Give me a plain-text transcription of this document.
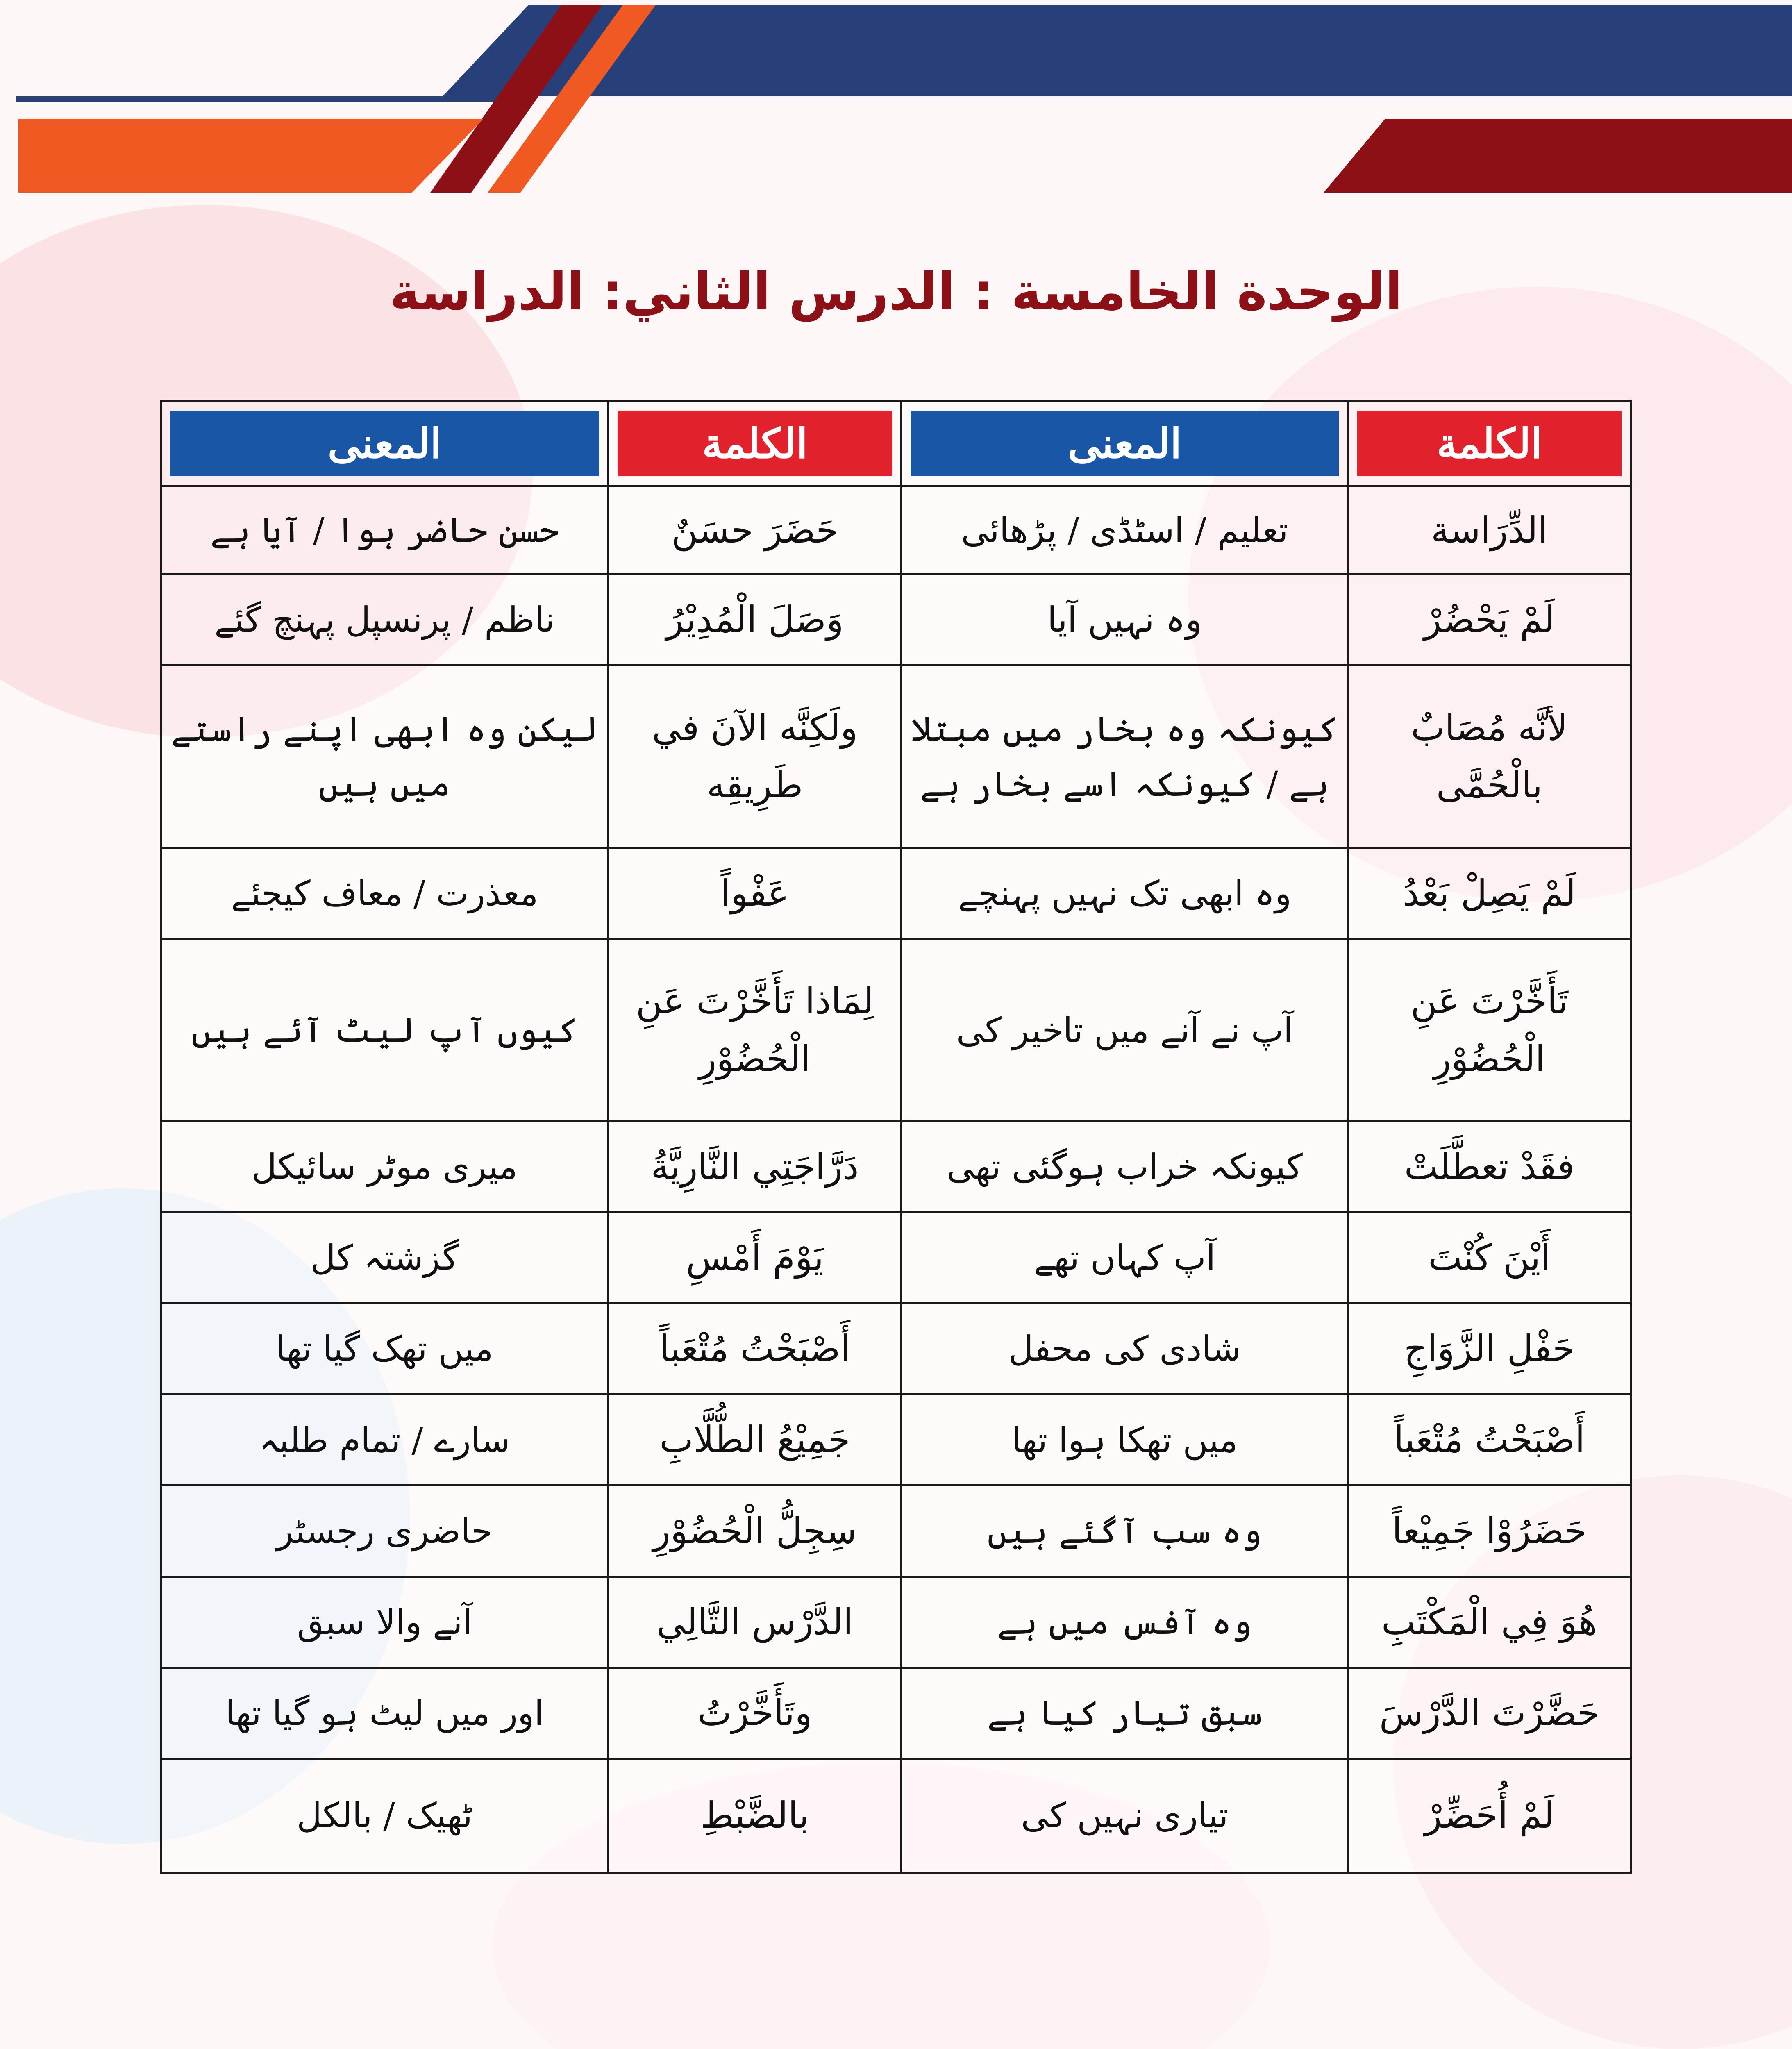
الوحدة الخامسة : الدرس الثاني: الدراسة
الكلمة	المعنى	الكلمة	المعنى

الدِّرَاسة	تعلیم / اسٹڈی / پڑھائی	حَضَرَ حسَنٌ	حسن حاضر ہوا / آیا ہے
لَمْ يَحْضُرْ	وہ نہیں آیا	وَصَلَ الْمُدِيْرُ	ناظم / پرنسپل پہنچ گئے
لأنَّه مُصَابٌ بالْحُمَّى	کیونکہ وہ بخار میں مبتلا ہے / کیونکہ اسے بخار ہے	ولَكِنَّه الآنَ في طَرِيقِه	لیکن وہ ابھی اپنے راستے میں ہیں
لَمْ يَصِلْ بَعْدُ	وہ ابھی تک نہیں پہنچے	عَفْواً	معذرت / معاف کیجئے
تَأَخَّرْتَ عَنِ الْحُضُوْرِ	آپ نے آنے میں تاخیر کی	لِمَاذا تَأَخَّرْتَ عَنِ الْحُضُوْرِ	کیوں آپ لیٹ آئے ہیں
فقَدْ تعطَّلَتْ	کیونکہ خراب ہوگئی تھی	دَرَّاجَتِي النَّارِيَّةُ	میری موٹر سائیکل
أَيْنَ كُنْتَ	آپ کہاں تھے	يَوْمَ أَمْسِ	گزشتہ کل
حَفْلِ الزَّوَاجِ	شادی کی محفل	أَصْبَحْتُ مُتْعَباً	میں تھک گیا تھا
أَصْبَحْتُ مُتْعَباً	میں تھکا ہوا تھا	جَمِيْعُ الطُّلَّابِ	سارے / تمام طلبہ
حَضَرُوْا جَمِيْعاً	وہ سب آگئے ہیں	سِجِلُّ الْحُضُوْرِ	حاضری رجسٹر
هُوَ فِي الْمَكْتَبِ	وہ آفس میں ہے	الدَّرْس التَّالِي	آنے والا سبق
حَضَّرْتَ الدَّرْسَ	سبق تیار کیا ہے	وتَأَخَّرْتُ	اور میں لیٹ ہو گیا تھا
لَمْ أُحَضِّرْ	تیاری نہیں کی	بالضَّبْطِ	ٹھیک / بالکل
